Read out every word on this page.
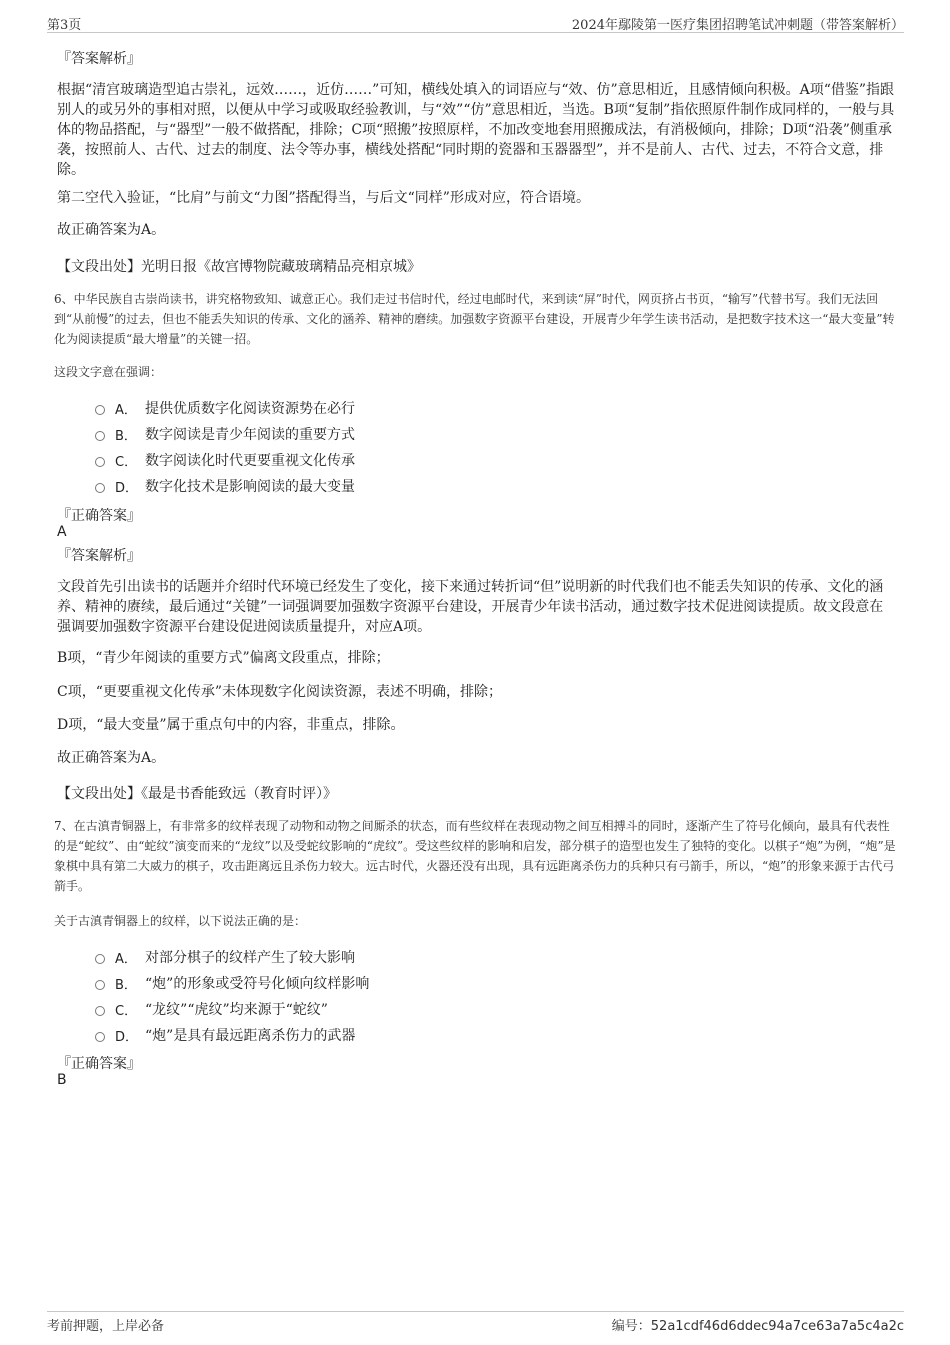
第3页	2024年鄢陵第一医疗集团招聘笔试冲刺题（带答案解析）
『答案解析』
根据“清宫玻璃造型追古崇礼，远效……，近仿……”可知，横线处填入的词语应与“效、仿”意思相近，且感情倾向积极。A项“借鉴”指跟别人的或另外的事相对照，以便从中学习或吸取经验教训，与“效”“仿”意思相近，当选。B项“复制”指依照原件制作成同样的，一般与具体的物品搭配，与“器型”一般不做搭配，排除；C项“照搬”按照原样，不加改变地套用照搬成法，有消极倾向，排除；D项“沿袭”侧重承袭，按照前人、古代、过去的制度、法令等办事，横线处搭配“同时期的瓷器和玉器器型”，并不是前人、古代、过去，不符合文意，排除。
第二空代入验证，“比肩”与前文“力图”搭配得当，与后文“同样”形成对应，符合语境。
故正确答案为A。
【文段出处】光明日报《故宫博物院藏玻璃精品亮相京城》
6、中华民族自古崇尚读书，讲究格物致知、诚意正心。我们走过书信时代，经过电邮时代，来到读“屏”时代，网页挤占书页，“输写”代替书写。我们无法回到“从前慢”的过去，但也不能丢失知识的传承、文化的涵养、精神的磨续。加强数字资源平台建设，开展青少年学生读书活动，是把数字技术这一“最大变量”转化为阅读提质“最大增量”的关键一招。
这段文字意在强调：
A． 提供优质数字化阅读资源势在必行
B． 数字阅读是青少年阅读的重要方式
C． 数字阅读化时代更要重视文化传承
D． 数字化技术是影响阅读的最大变量
『正确答案』
A
『答案解析』
文段首先引出读书的话题并介绍时代环境已经发生了变化，接下来通过转折词“但”说明新的时代我们也不能丢失知识的传承、文化的涵养、精神的赓续，最后通过“关键”一词强调要加强数字资源平台建设，开展青少年读书活动，通过数字技术促进阅读提质。故文段意在强调要加强数字资源平台建设促进阅读质量提升，对应A项。
B项，“青少年阅读的重要方式”偏离文段重点，排除；
C项，“更要重视文化传承”未体现数字化阅读资源，表述不明确，排除；
D项，“最大变量”属于重点句中的内容，非重点，排除。
故正确答案为A。
【文段出处】《最是书香能致远（教育时评）》
7、在古滇青铜器上，有非常多的纹样表现了动物和动物之间厮杀的状态，而有些纹样在表现动物之间互相搏斗的同时，逐渐产生了符号化倾向，最具有代表性的是“蛇纹”、由“蛇纹”演变而来的“龙纹”以及受蛇纹影响的“虎纹”。受这些纹样的影响和启发，部分棋子的造型也发生了独特的变化。以棋子“炮”为例，“炮”是象棋中具有第二大威力的棋子，攻击距离远且杀伤力较大。远古时代，火器还没有出现，具有远距离杀伤力的兵种只有弓箭手，所以，“炮”的形象来源于古代弓箭手。
关于古滇青铜器上的纹样，以下说法正确的是：
A． 对部分棋子的纹样产生了较大影响
B． “炮”的形象或受符号化倾向纹样影响
C． “龙纹”“虎纹”均来源于“蛇纹”
D． “炮”是具有最远距离杀伤力的武器
『正确答案』
B
考前押题，上岸必备	编号：52a1cdf46d6ddec94a7ce63a7a5c4a2c
